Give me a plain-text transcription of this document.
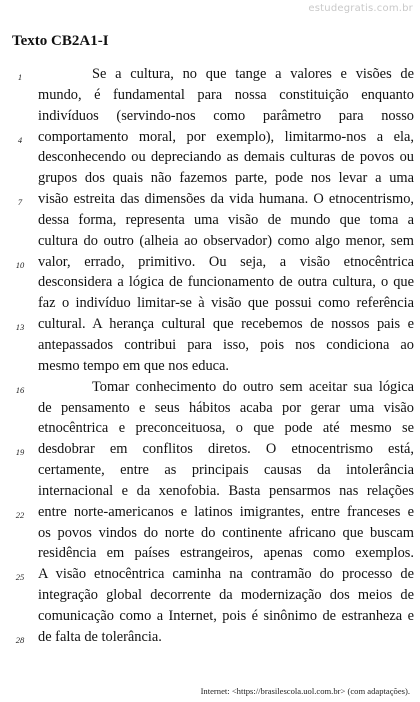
estudegratis.com.br
Texto CB2A1-I
1	Se a cultura, no que tange a valores e visões de
mundo, é fundamental para nossa constituição enquanto
indivíduos (servindo-nos como parâmetro para nosso
4	comportamento moral, por exemplo), limitarmo-nos a ela,
desconhecendo ou depreciando as demais culturas de povos ou
grupos dos quais não fazemos parte, pode nos levar a uma
7	visão estreita das dimensões da vida humana. O etnocentrismo,
dessa forma, representa uma visão de mundo que toma a
cultura do outro (alheia ao observador) como algo menor, sem
10 valor, errado, primitivo. Ou seja, a visão etnocêntrica
desconsidera a lógica de funcionamento de outra cultura, o que
faz o indivíduo limitar-se à visão que possui como referência
13 cultural. A herança cultural que recebemos de nossos pais e
antepassados contribui para isso, pois nos condiciona ao
mesmo tempo em que nos educa.
16	Tomar conhecimento do outro sem aceitar sua lógica
de pensamento e seus hábitos acaba por gerar uma visão
etnocêntrica e preconceituosa, o que pode até mesmo se
19 desdobrar em conflitos diretos. O etnocentrismo está,
certamente, entre as principais causas da intolerância
internacional e da xenofobia. Basta pensarmos nas relações
22 entre norte-americanos e latinos imigrantes, entre franceses e
os povos vindos do norte do continente africano que buscam
residência em países estrangeiros, apenas como exemplos.
25 A visão etnocêntrica caminha na contramão do processo de
integração global decorrente da modernização dos meios de
comunicação como a Internet, pois é sinônimo de estranheza e
28 de falta de tolerância.
Internet: <https://brasilescola.uol.com.br> (com adaptações).
